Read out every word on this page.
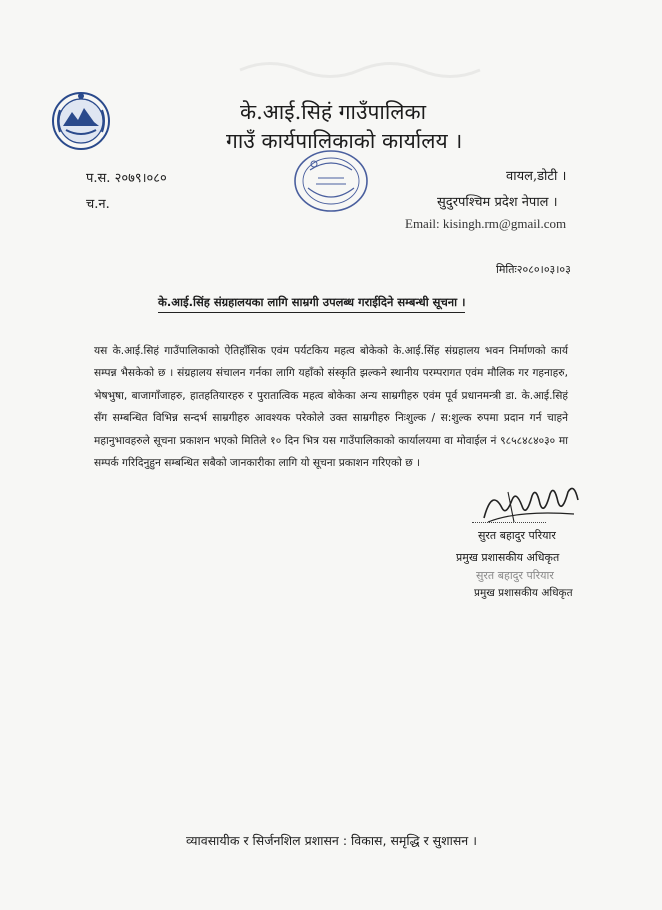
के.आई.सिहं गाउँपालिका
गाउँ कार्यपालिकाको कार्यालय ।
प.स. २०७९।०८०
च.न.
वायल,डोटी ।
सुदुरपश्चिम प्रदेश नेपाल ।
Email: kisingh.rm@gmail.com
मितिः२०८०।०३।०३
के.आई.सिंह संग्रहालयका लागि साम्रगी उपलब्ध गराईदिने सम्बन्धी सूचना ।
यस के.आई.सिहं गाउँपालिकाको ऐतिहाँसिक एवंम पर्यटकिय महत्व बोकेको के.आई.सिंह संग्रहालय भवन निर्माणको कार्य सम्पन्न भैसकेको छ । संग्रहालय संचालन गर्नका लागि यहाँको संस्कृति झल्कने स्थानीय परम्परागत एवंम मौलिक गर गहनाहरु, भेषभुषा, बाजागाँजाहरु, हातहतियारहरु र पुरातात्विक महत्व बोकेका अन्य साम्रगीहरु एवंम पूर्व प्रधानमन्त्री डा. के.आई.सिहं सँग सम्बन्धित विभिन्न सन्दर्भ साम्रगीहरु आवश्यक परेकोले उक्त साम्रगीहरु निःशुल्क / स:शुल्क रुपमा प्रदान गर्न चाहने महानुभावहरुले सूचना प्रकाशन भएको मितिले १० दिन भित्र यस गाउँपालिकाको कार्यालयमा वा मोवाईल नं ९८५८४८४०३० मा सम्पर्क गरिदिनुहुन सम्बन्धित सबैको जानकारीका लागि यो सूचना प्रकाशन गरिएको छ ।
सुरत बहादुर परियार
प्रमुख प्रशासकीय अधिकृत
सुरत बहादुर परियार
प्रमुख प्रशासकीय अधिकृत
व्यावसायीक र सिर्जनशिल प्रशासन : विकास, समृद्धि र सुशासन ।
